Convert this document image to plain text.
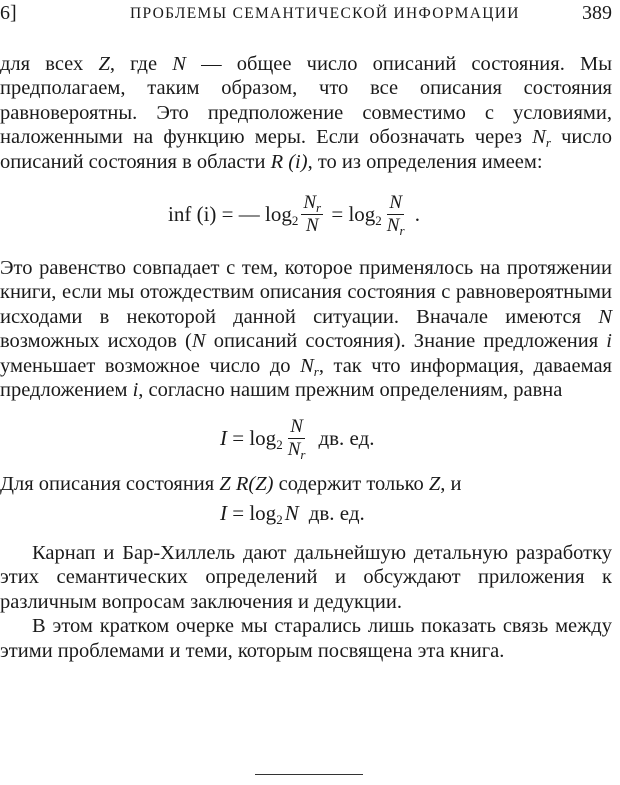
6]	ПРОБЛЕМЫ СЕМАНТИЧЕСКОЙ ИНФОРМАЦИИ	389

для всех Z, где N — общее число описаний состояния. Мы предполагаем, таким образом, что все описания состояния равновероятны. Это предположение совместимо с условиями, наложенными на функцию меры. Если обозначать через $N_r$ число описаний состояния в области R (i), то из определения имеем:

inf (i) = — $\log_2 \frac{N_r}{N} = \log_2 \frac{N}{N_r}$ .

Это равенство совпадает с тем, которое применялось на протяжении книги, если мы отождествим описания состояния с равновероятными исходами в некоторой данной ситуации. Вначале имеются N возможных исходов (N описаний состояния). Знание предложения i уменьшает возможное число до $N_r$, так что информация, даваемая предложением i, согласно нашим прежним определениям, равна

$I = \log_2 \frac{N}{N_r}$ дв. ед.

Для описания состояния Z R(Z) содержит только Z, и

$I = \log_2 N$ дв. ед.

Карнап и Бар-Хиллель дают дальнейшую детальную разработку этих семантических определений и обсуждают приложения к различным вопросам заключения и дедукции.

В этом кратком очерке мы старались лишь показать связь между этими проблемами и теми, которым посвящена эта книга.
